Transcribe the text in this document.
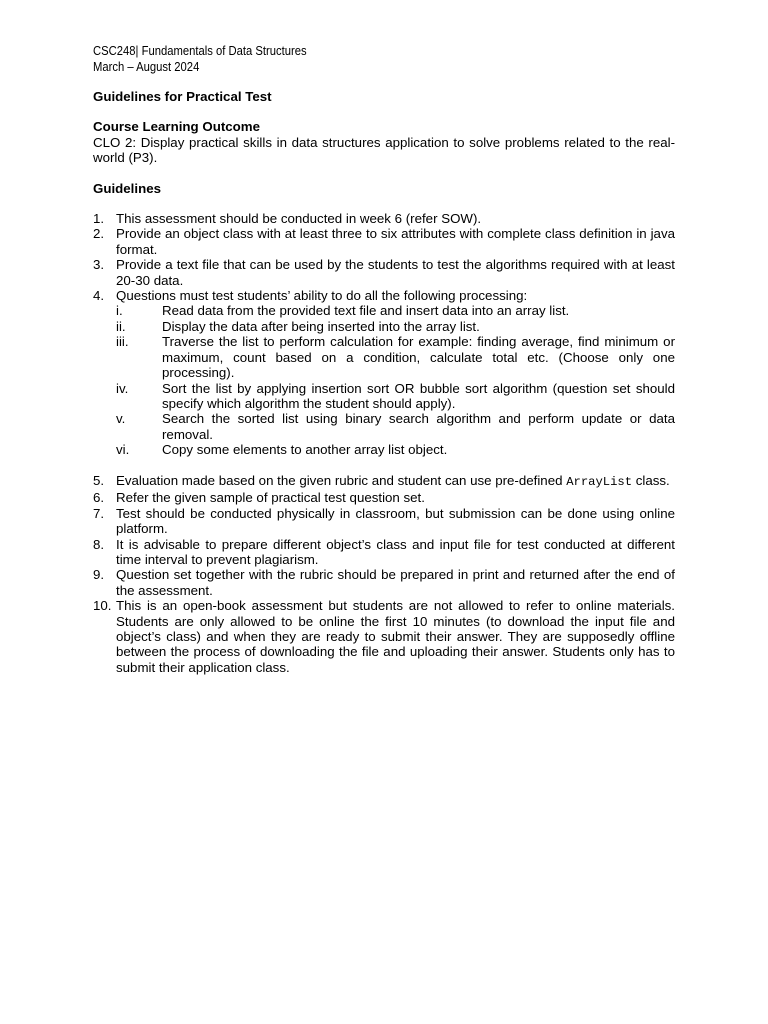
CSC248| Fundamentals of Data Structures
March – August 2024
Guidelines for Practical Test
Course Learning Outcome
CLO 2: Display practical skills in data structures application to solve problems related to the real-world (P3).
Guidelines
1. This assessment should be conducted in week 6 (refer SOW).
2. Provide an object class with at least three to six attributes with complete class definition in java format.
3. Provide a text file that can be used by the students to test the algorithms required with at least 20-30 data.
4. Questions must test students’ ability to do all the following processing:
i.	Read data from the provided text file and insert data into an array list.
ii.	Display the data after being inserted into the array list.
iii.	Traverse the list to perform calculation for example: finding average, find minimum or maximum, count based on a condition, calculate total etc. (Choose only one processing).
iv.	Sort the list by applying insertion sort OR bubble sort algorithm (question set should specify which algorithm the student should apply).
v.	Search the sorted list using binary search algorithm and perform update or data removal.
vi. Copy some elements to another array list object.
5. Evaluation made based on the given rubric and student can use pre-defined ArrayList class.
6. Refer the given sample of practical test question set.
7. Test should be conducted physically in classroom, but submission can be done using online platform.
8. It is advisable to prepare different object’s class and input file for test conducted at different time interval to prevent plagiarism.
9. Question set together with the rubric should be prepared in print and returned after the end of the assessment.
10. This is an open-book assessment but students are not allowed to refer to online materials. Students are only allowed to be online the first 10 minutes (to download the input file and object’s class) and when they are ready to submit their answer. They are supposedly offline between the process of downloading the file and uploading their answer. Students only has to submit their application class.
